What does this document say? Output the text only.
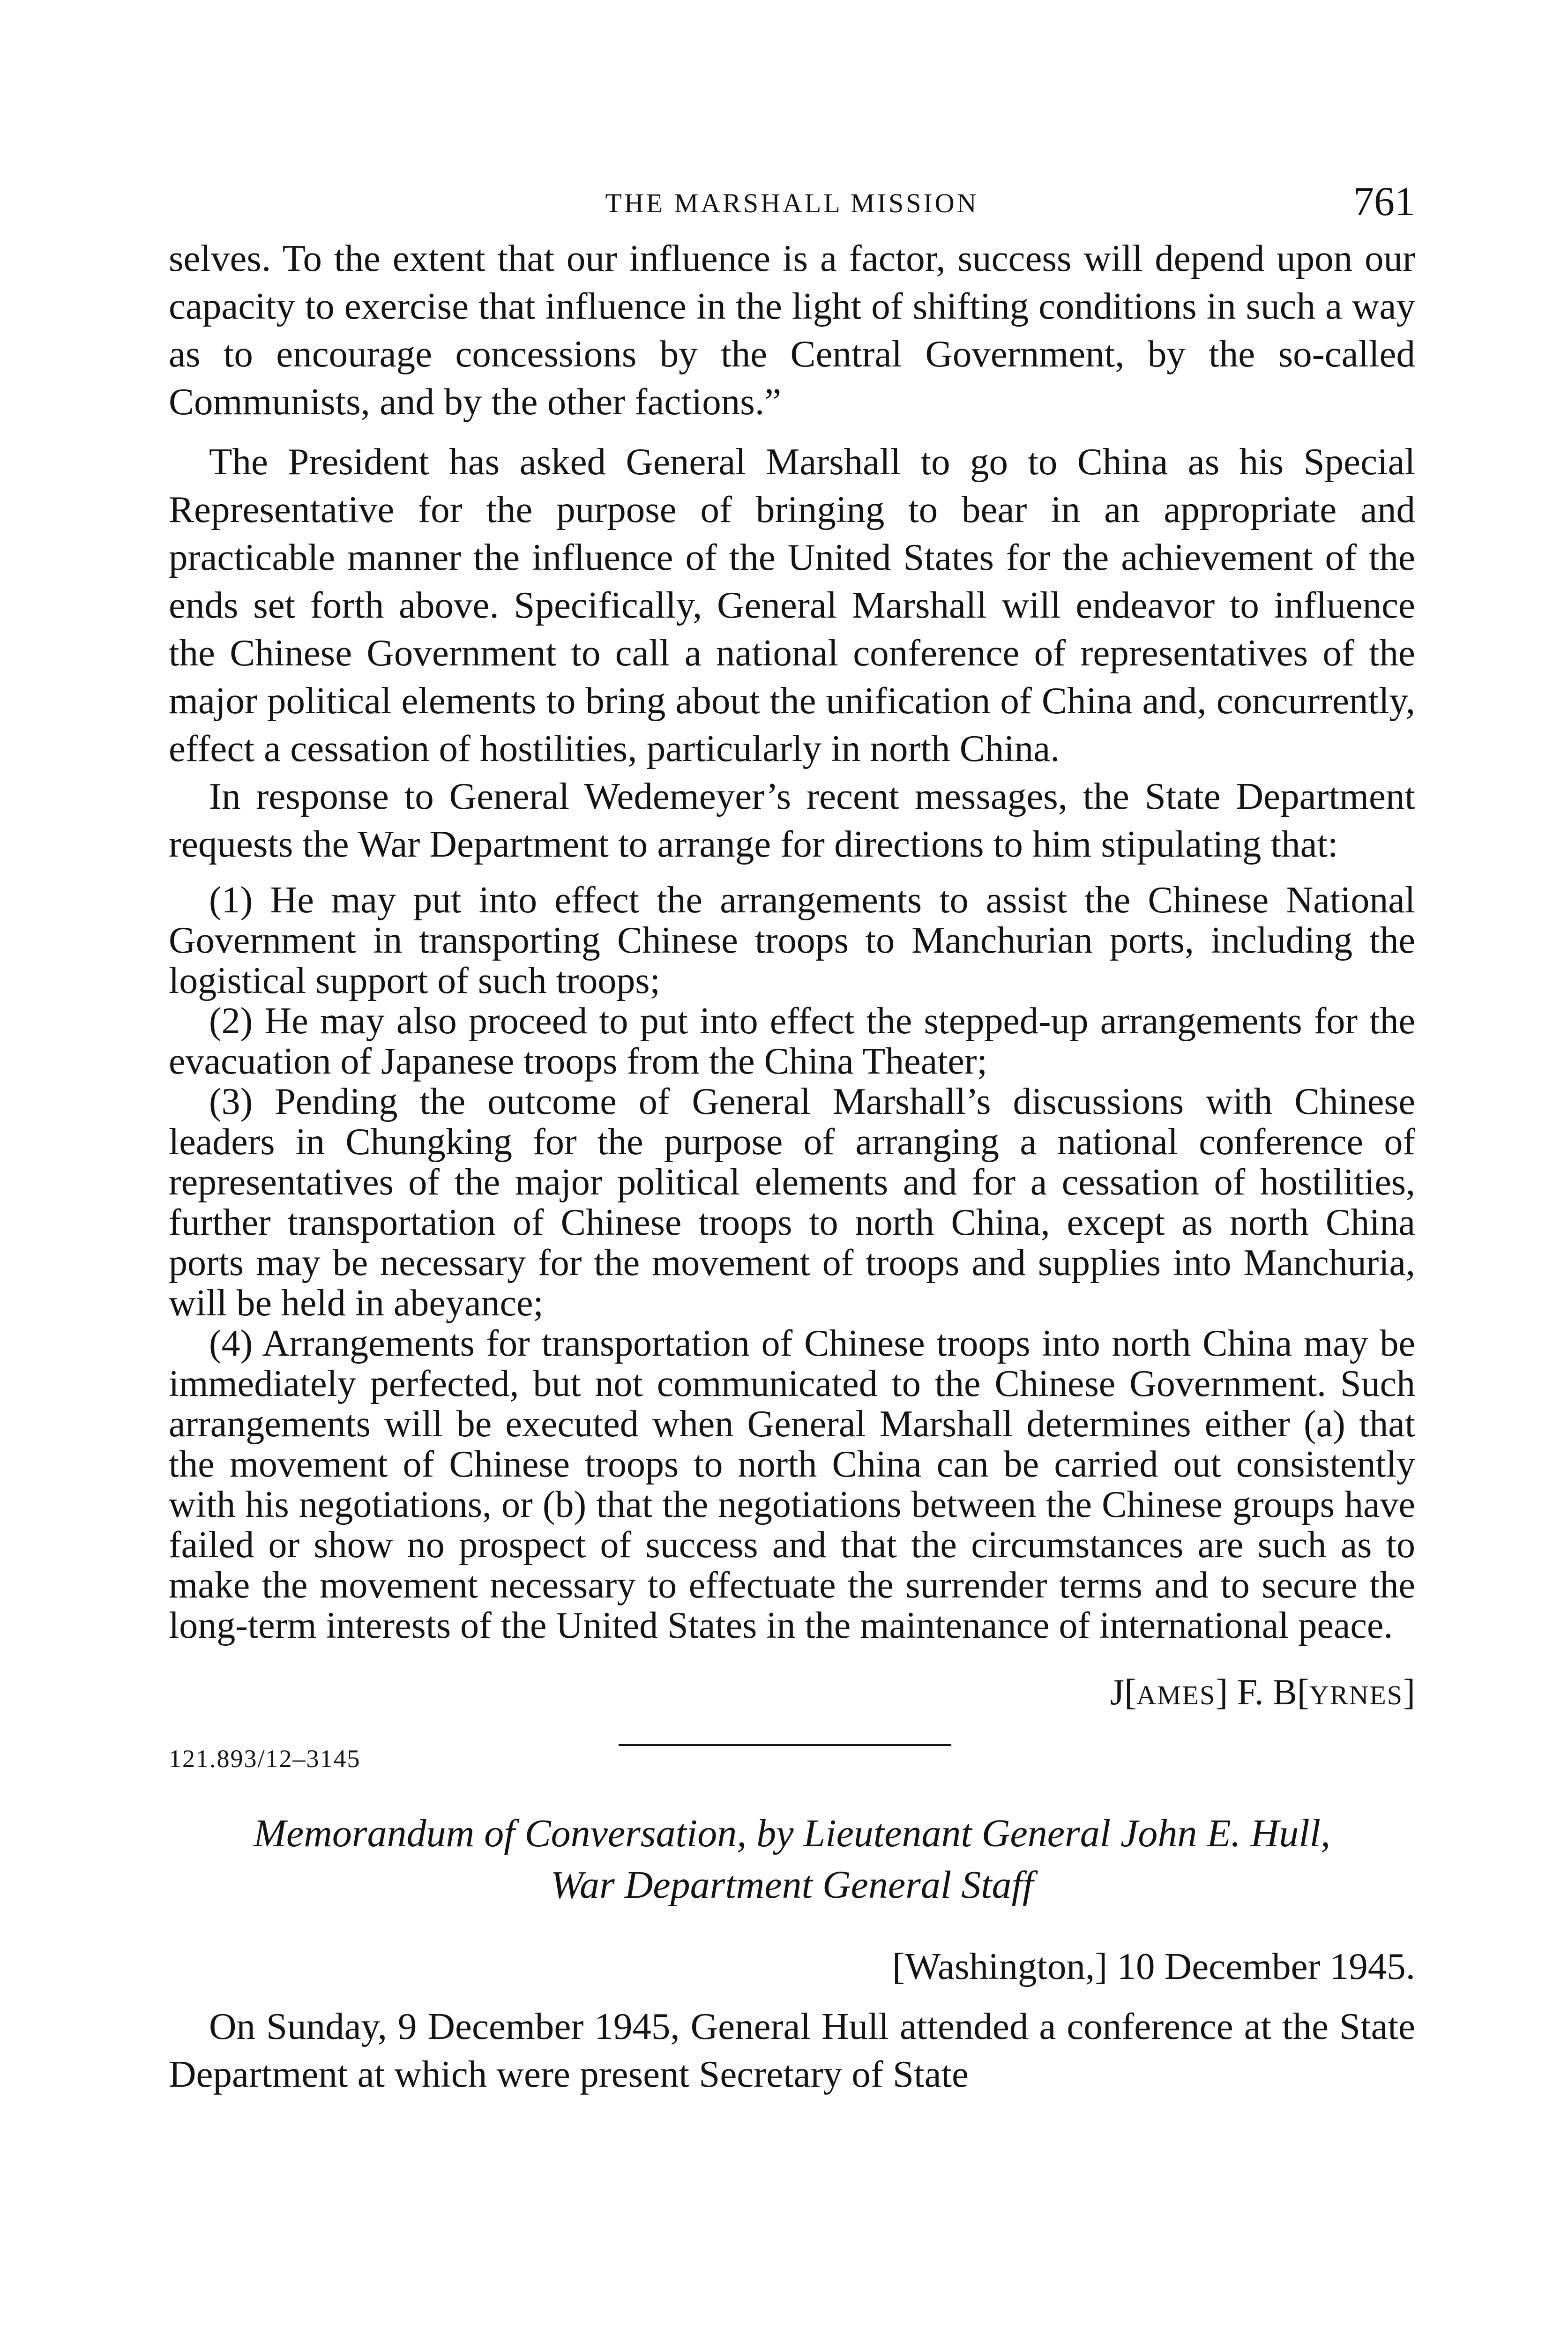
THE MARSHALL MISSION	761

selves. To the extent that our influence is a factor, success will depend upon our capacity to exercise that influence in the light of shifting conditions in such a way as to encourage concessions by the Central Government, by the so-called Communists, and by the other factions.”

The President has asked General Marshall to go to China as his Special Representative for the purpose of bringing to bear in an appropriate and practicable manner the influence of the United States for the achievement of the ends set forth above. Specifically, General Marshall will endeavor to influence the Chinese Government to call a national conference of representatives of the major political elements to bring about the unification of China and, concurrently, effect a cessation of hostilities, particularly in north China.

In response to General Wedemeyer’s recent messages, the State Department requests the War Department to arrange for directions to him stipulating that:

(1) He may put into effect the arrangements to assist the Chinese National Government in transporting Chinese troops to Manchurian ports, including the logistical support of such troops;

(2) He may also proceed to put into effect the stepped-up arrangements for the evacuation of Japanese troops from the China Theater;

(3) Pending the outcome of General Marshall’s discussions with Chinese leaders in Chungking for the purpose of arranging a national conference of representatives of the major political elements and for a cessation of hostilities, further transportation of Chinese troops to north China, except as north China ports may be necessary for the movement of troops and supplies into Manchuria, will be held in abeyance;

(4) Arrangements for transportation of Chinese troops into north China may be immediately perfected, but not communicated to the Chinese Government. Such arrangements will be executed when General Marshall determines either (a) that the movement of Chinese troops to north China can be carried out consistently with his negotiations, or (b) that the negotiations between the Chinese groups have failed or show no prospect of success and that the circumstances are such as to make the movement necessary to effectuate the surrender terms and to secure the long-term interests of the United States in the maintenance of international peace.

J[AMES] F. B[YRNES]
121.893/12–3145
Memorandum of Conversation, by Lieutenant General John E. Hull,
War Department General Staff
[Washington,] 10 December 1945.

On Sunday, 9 December 1945, General Hull attended a conference at the State Department at which were present Secretary of State
